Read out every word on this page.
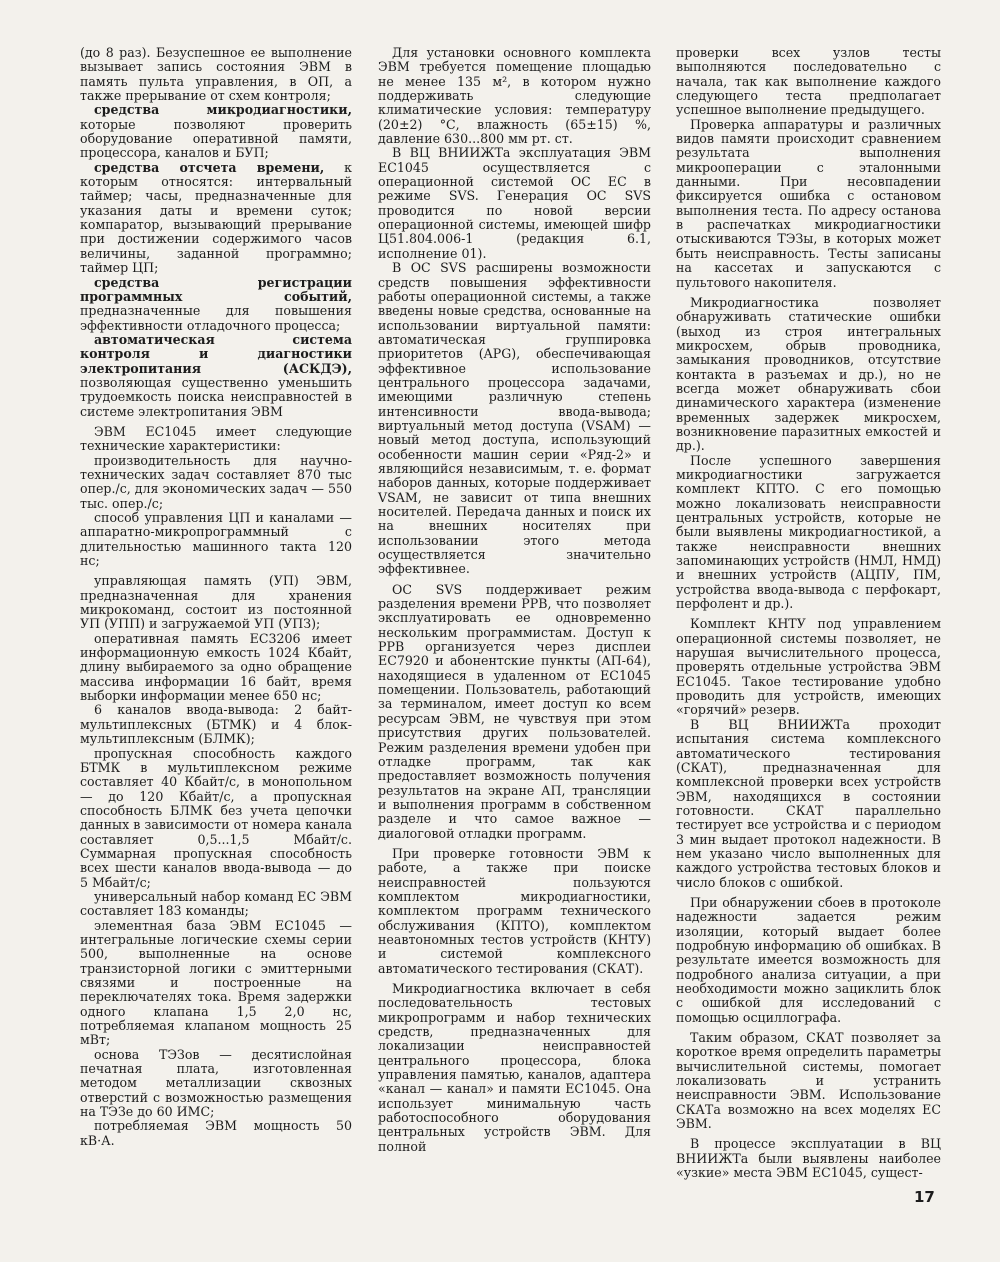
(до 8 раз). Безуспешное ее выполнение вызывает запись состояния ЭВМ в память пульта управления, в ОП, а также прерывание от схем контроля;

средства микродиагностики, которые позволяют проверить оборудование оперативной памяти, процессора, каналов и БУП;

средства отсчета времени, к которым относятся: интервальный таймер; часы, предназначенные для указания даты и времени суток; компаратор, вызывающий прерывание при достижении содержимого часов величины, заданной программно; таймер ЦП;

средства регистрации программных событий, предназначенные для повышения эффективности отладочного процесса;

автоматическая система контроля и диагностики электропитания (АСКДЭ), позволяющая существенно уменьшить трудоемкость поиска неисправностей в системе электропитания ЭВМ

ЭВМ ЕС1045 имеет следующие технические характеристики:

производительность для научно-технических задач составляет 870 тыс опер./с, для экономических задач — 550 тыс. опер./с;

способ управления ЦП и каналами — аппаратно-микропрограммный с длительностью машинного такта 120 нс;

управляющая память (УП) ЭВМ, предназначенная для хранения микрокоманд, состоит из постоянной УП (УПП) и загружаемой УП (УПЗ);

оперативная память ЕС3206 имеет информационную емкость 1024 Кбайт, длину выбираемого за одно обращение массива информации 16 байт, время выборки информации менее 650 нс;

6 каналов ввода-вывода: 2 байт-мультиплексных (БТМК) и 4 блок-мультиплексным (БЛМК);

пропускная способность каждого БТМК в мультиплексном режиме составляет 40 Кбайт/с, в монопольном — до 120 Кбайт/с, а пропускная способность БЛМК без учета цепочки данных в зависимости от номера канала составляет 0,5...1,5 Мбайт/с. Суммарная пропускная способность всех шести каналов ввода-вывода — до 5 Мбайт/с;

универсальный набор команд ЕС ЭВМ составляет 183 команды;

элементная база ЭВМ ЕС1045 — интегральные логические схемы серии 500, выполненные на основе транзисторной логики с эмиттерными связями и построенные на переключателях тока. Время задержки одного клапана 1,5 2,0 нс, потребляемая клапаном мощность 25 мВт;

основа ТЭЗов — десятислойная печатная плата, изготовленная методом металлизации сквозных отверстий с возможностью размещения на ТЭЗе до 60 ИМС;

потребляемая ЭВМ мощность 50 кВ·А.

Для установки основного комплекта ЭВМ требуется помещение площадью не менее 135 м², в котором нужно поддерживать следующие климатические условия: температуру (20±2) °С, влажность (65±15) %, давление 630...800 мм рт. ст.

В ВЦ ВНИИЖТа эксплуатация ЭВМ ЕС1045 осуществляется с операционной системой ОС ЕС в режиме SVS. Генерация ОС SVS проводится по новой версии операционной системы, имеющей шифр Ц51.804.006-1 (редакция 6.1, исполнение 01).

В ОС SVS расширены возможности средств повышения эффективности работы операционной системы, а также введены новые средства, основанные на использовании виртуальной памяти: автоматическая группировка приоритетов (APG), обеспечивающая эффективное использование центрального процессора задачами, имеющими различную степень интенсивности ввода-вывода; виртуальный метод доступа (VSAM) — новый метод доступа, использующий особенности машин серии «Ряд-2» и являющийся независимым, т. е. формат наборов данных, которые поддерживает VSAM, не зависит от типа внешних носителей. Передача данных и поиск их на внешних носителях при использовании этого метода осуществляется значительно эффективнее.

ОС SVS поддерживает режим разделения времени РРВ, что позволяет эксплуатировать ее одновременно нескольким программистам. Доступ к РРВ организуется через дисплеи ЕС7920 и абонентские пункты (АП-64), находящиеся в удаленном от ЕС1045 помещении. Пользователь, работающий за терминалом, имеет доступ ко всем ресурсам ЭВМ, не чувствуя при этом присутствия других пользователей. Режим разделения времени удобен при отладке программ, так как предоставляет возможность получения результатов на экране АП, трансляции и выполнения программ в собственном разделе и что самое важное — диалоговой отладки программ.

При проверке готовности ЭВМ к работе, а также при поиске неисправностей пользуются комплектом микродиагностики, комплектом программ технического обслуживания (КПТО), комплектом неавтономных тестов устройств (КНТУ) и системой комплексного автоматического тестирования (СКАТ).

Микродиагностика включает в себя последовательность тестовых микропрограмм и набор технических средств, предназначенных для локализации неисправностей центрального процессора, блока управления памятью, каналов, адаптера «канал — канал» и памяти ЕС1045. Она использует минимальную часть работоспособного оборудования центральных устройств ЭВМ. Для полной

проверки всех узлов тесты выполняются последовательно с начала, так как выполнение каждого следующего теста предполагает успешное выполнение предыдущего.

Проверка аппаратуры и различных видов памяти происходит сравнением результата выполнения микрооперации с эталонными данными. При несовпадении фиксируется ошибка с остановом выполнения теста. По адресу останова в распечатках микродиагностики отыскиваются ТЭЗы, в которых может быть неисправность. Тесты записаны на кассетах и запускаются с пультового накопителя.

Микродиагностика позволяет обнаруживать статические ошибки (выход из строя интегральных микросхем, обрыв проводника, замыкания проводников, отсутствие контакта в разъемах и др.), но не всегда может обнаруживать сбои динамического характера (изменение временных задержек микросхем, возникновение паразитных емкостей и др.).

После успешного завершения микродиагностики загружается комплект КПТО. С его помощью можно локализовать неисправности центральных устройств, которые не были выявлены микродиагностикой, а также неисправности внешних запоминающих устройств (НМЛ, НМД) и внешних устройств (АЦПУ, ПМ, устройства ввода-вывода с перфокарт, перфолент и др.).

Комплект КНТУ под управлением операционной системы позволяет, не нарушая вычислительного процесса, проверять отдельные устройства ЭВМ ЕС1045. Такое тестирование удобно проводить для устройств, имеющих «горячий» резерв.

В ВЦ ВНИИЖТа проходит испытания система комплексного автоматического тестирования (СКАТ), предназначенная для комплексной проверки всех устройств ЭВМ, находящихся в состоянии готовности. СКАТ параллельно тестирует все устройства и с периодом 3 мин выдает протокол надежности. В нем указано число выполненных для каждого устройства тестовых блоков и число блоков с ошибкой.

При обнаружении сбоев в протоколе надежности задается режим изоляции, который выдает более подробную информацию об ошибках. В результате имеется возможность для подробного анализа ситуации, а при необходимости можно зациклить блок с ошибкой для исследований с помощью осциллографа.

Таким образом, СКАТ позволяет за короткое время определить параметры вычислительной системы, помогает локализовать и устранить неисправности ЭВМ. Использование СКАТа возможно на всех моделях ЕС ЭВМ.

В процессе эксплуатации в ВЦ ВНИИЖТа были выявлены наиболее «узкие» места ЭВМ ЕС1045, сущест-

17
